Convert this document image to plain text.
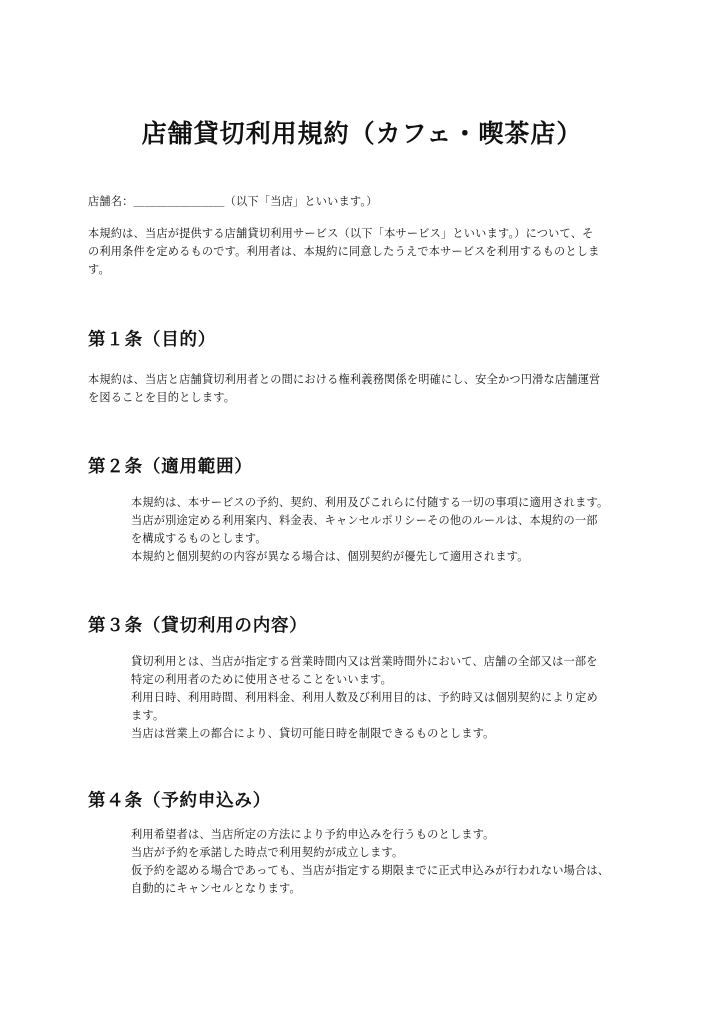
店舗貸切利用規約（カフェ・喫茶店）
店舗名：＿＿＿＿＿＿＿＿（以下「当店」といいます。）
本規約は、当店が提供する店舗貸切利用サービス（以下「本サービス」といいます。）について、そ
の利用条件を定めるものです。利用者は、本規約に同意したうえで本サービスを利用するものとしま
す。
第１条（目的）
本規約は、当店と店舗貸切利用者との間における権利義務関係を明確にし、安全かつ円滑な店舗運営
を図ることを目的とします。
第２条（適用範囲）
本規約は、本サービスの予約、契約、利用及びこれらに付随する一切の事項に適用されます。
当店が別途定める利用案内、料金表、キャンセルポリシーその他のルールは、本規約の一部
を構成するものとします。
本規約と個別契約の内容が異なる場合は、個別契約が優先して適用されます。
第３条（貸切利用の内容）
貸切利用とは、当店が指定する営業時間内又は営業時間外において、店舗の全部又は一部を
特定の利用者のために使用させることをいいます。
利用日時、利用時間、利用料金、利用人数及び利用目的は、予約時又は個別契約により定め
ます。
当店は営業上の都合により、貸切可能日時を制限できるものとします。
第４条（予約申込み）
利用希望者は、当店所定の方法により予約申込みを行うものとします。
当店が予約を承諾した時点で利用契約が成立します。
仮予約を認める場合であっても、当店が指定する期限までに正式申込みが行われない場合は、
自動的にキャンセルとなります。
